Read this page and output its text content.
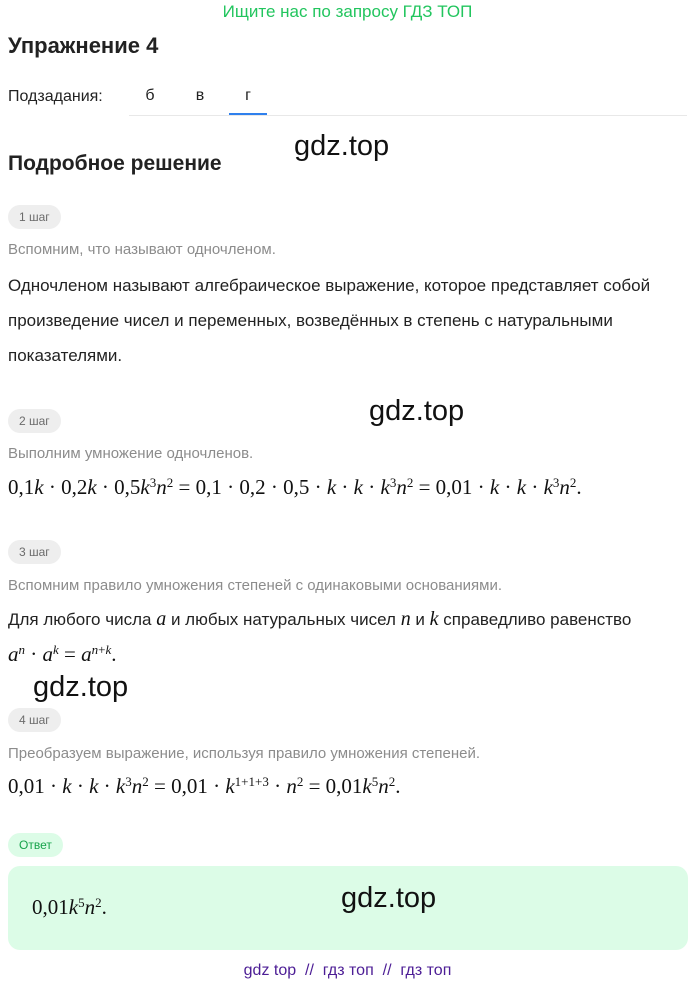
Ищите нас по запросу ГДЗ ТОП
Упражнение 4
Подзадания:	б	в	г
Подробное решение
gdz.top
1 шаг
Вспомним, что называют одночленом.
Одночленом называют алгебраическое выражение, которое представляет собой произведение чисел и переменных, возведённых в степень с натуральными показателями.
2 шаг	gdz.top
Выполним умножение одночленов.
$0,1k \cdot 0,2k \cdot 0,5k^3n^2 = 0,1 \cdot 0,2 \cdot 0,5 \cdot k \cdot k \cdot k^3n^2 = 0,01 \cdot k \cdot k \cdot k^3n^2$.
3 шаг
Вспомним правило умножения степеней с одинаковыми основаниями.
Для любого числа a и любых натуральных чисел n и k справедливо равенство
$a^n \cdot a^k = a^{n+k}$.
gdz.top
4 шаг
Преобразуем выражение, используя правило умножения степеней.
$0,01 \cdot k \cdot k \cdot k^3n^2 = 0,01 \cdot k^{1+1+3} \cdot n^2 = 0,01k^5n^2$.
Ответ
$0,01k^5n^2$.	gdz.top
gdz top  //  гдз топ  //  гдз топ
